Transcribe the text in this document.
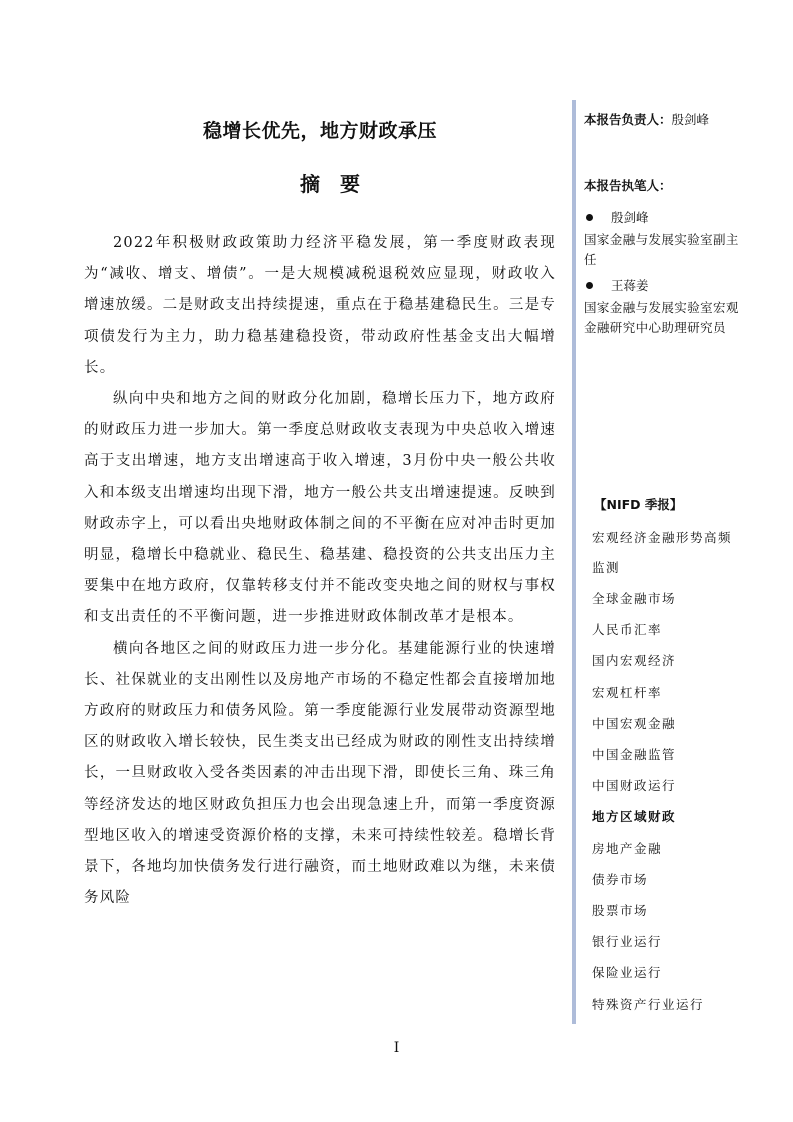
稳增长优先，地方财政承压
摘　要

2022年积极财政政策助力经济平稳发展，第一季度财政表现为“减收、增支、增债”。一是大规模减税退税效应显现，财政收入增速放缓。二是财政支出持续提速，重点在于稳基建稳民生。三是专项债发行为主力，助力稳基建稳投资，带动政府性基金支出大幅增长。

纵向中央和地方之间的财政分化加剧，稳增长压力下，地方政府的财政压力进一步加大。第一季度总财政收支表现为中央总收入增速高于支出增速，地方支出增速高于收入增速，3月份中央一般公共收入和本级支出增速均出现下滑，地方一般公共支出增速提速。反映到财政赤字上，可以看出央地财政体制之间的不平衡在应对冲击时更加明显，稳增长中稳就业、稳民生、稳基建、稳投资的公共支出压力主要集中在地方政府，仅靠转移支付并不能改变央地之间的财权与事权和支出责任的不平衡问题，进一步推进财政体制改革才是根本。

横向各地区之间的财政压力进一步分化。基建能源行业的快速增长、社保就业的支出刚性以及房地产市场的不稳定性都会直接增加地方政府的财政压力和债务风险。第一季度能源行业发展带动资源型地区的财政收入增长较快，民生类支出已经成为财政的刚性支出持续增长，一旦财政收入受各类因素的冲击出现下滑，即使长三角、珠三角等经济发达的地区财政负担压力也会出现急速上升，而第一季度资源型地区收入的增速受资源价格的支撑，未来可持续性较差。稳增长背景下，各地均加快债务发行进行融资，而土地财政难以为继，未来债务风险

本报告负责人：殷剑峰
本报告执笔人：
殷剑峰
国家金融与发展实验室副主任
王蒋姜
国家金融与发展实验室宏观金融研究中心助理研究员
【NIFD 季报】
宏观经济金融形势高频监测
全球金融市场
人民币汇率
国内宏观经济
宏观杠杆率
中国宏观金融
中国金融监管
中国财政运行
地方区域财政
房地产金融
债券市场
股票市场
银行业运行
保险业运行
特殊资产行业运行
I
